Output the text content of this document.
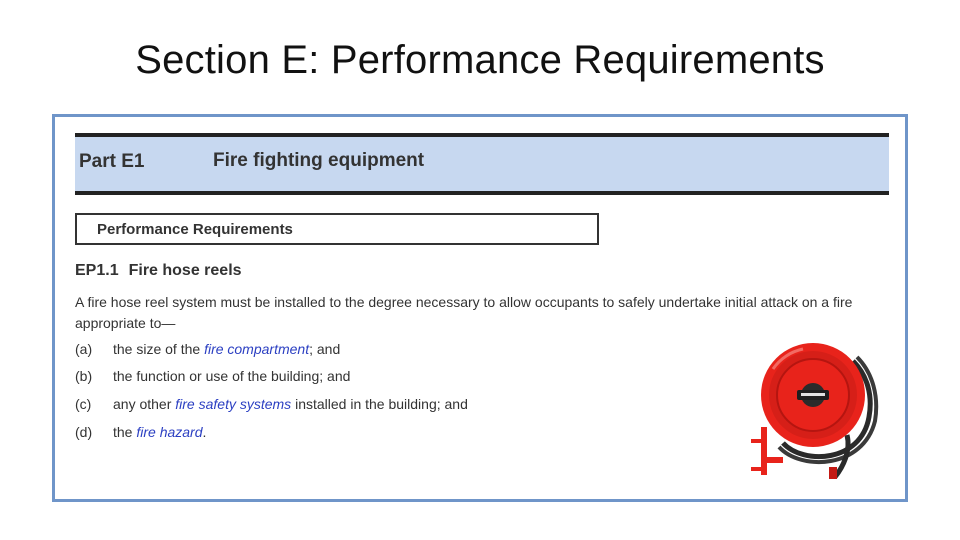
Section E: Performance Requirements
Part E1	Fire fighting equipment
Performance Requirements
EP1.1 Fire hose reels
A fire hose reel system must be installed to the degree necessary to allow occupants to safely undertake initial attack on a fire appropriate to—
(a) the size of the fire compartment; and
(b) the function or use of the building; and
(c) any other fire safety systems installed in the building; and
(d) the fire hazard.
